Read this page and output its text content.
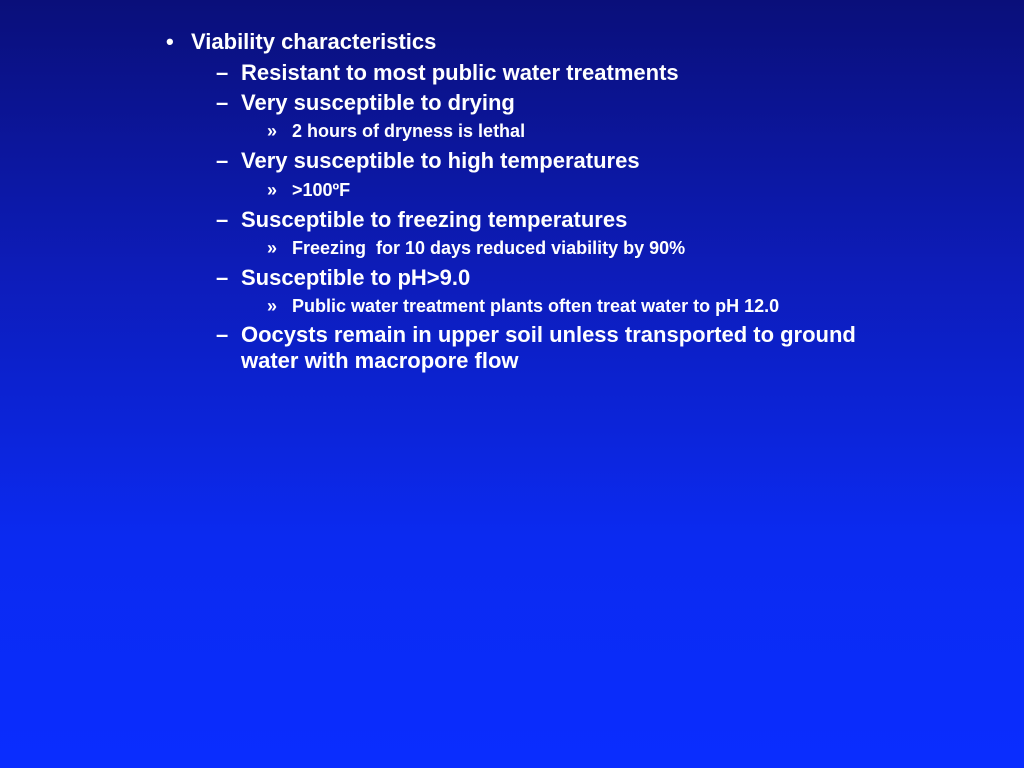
• Viability characteristics
– Resistant to most public water treatments
– Very susceptible to drying
» 2 hours of dryness is lethal
– Very susceptible to high temperatures
» >100ºF
– Susceptible to freezing temperatures
» Freezing  for 10 days reduced viability by 90%
– Susceptible to pH>9.0
» Public water treatment plants often treat water to pH 12.0
– Oocysts remain in upper soil unless transported to ground
water with macropore flow
